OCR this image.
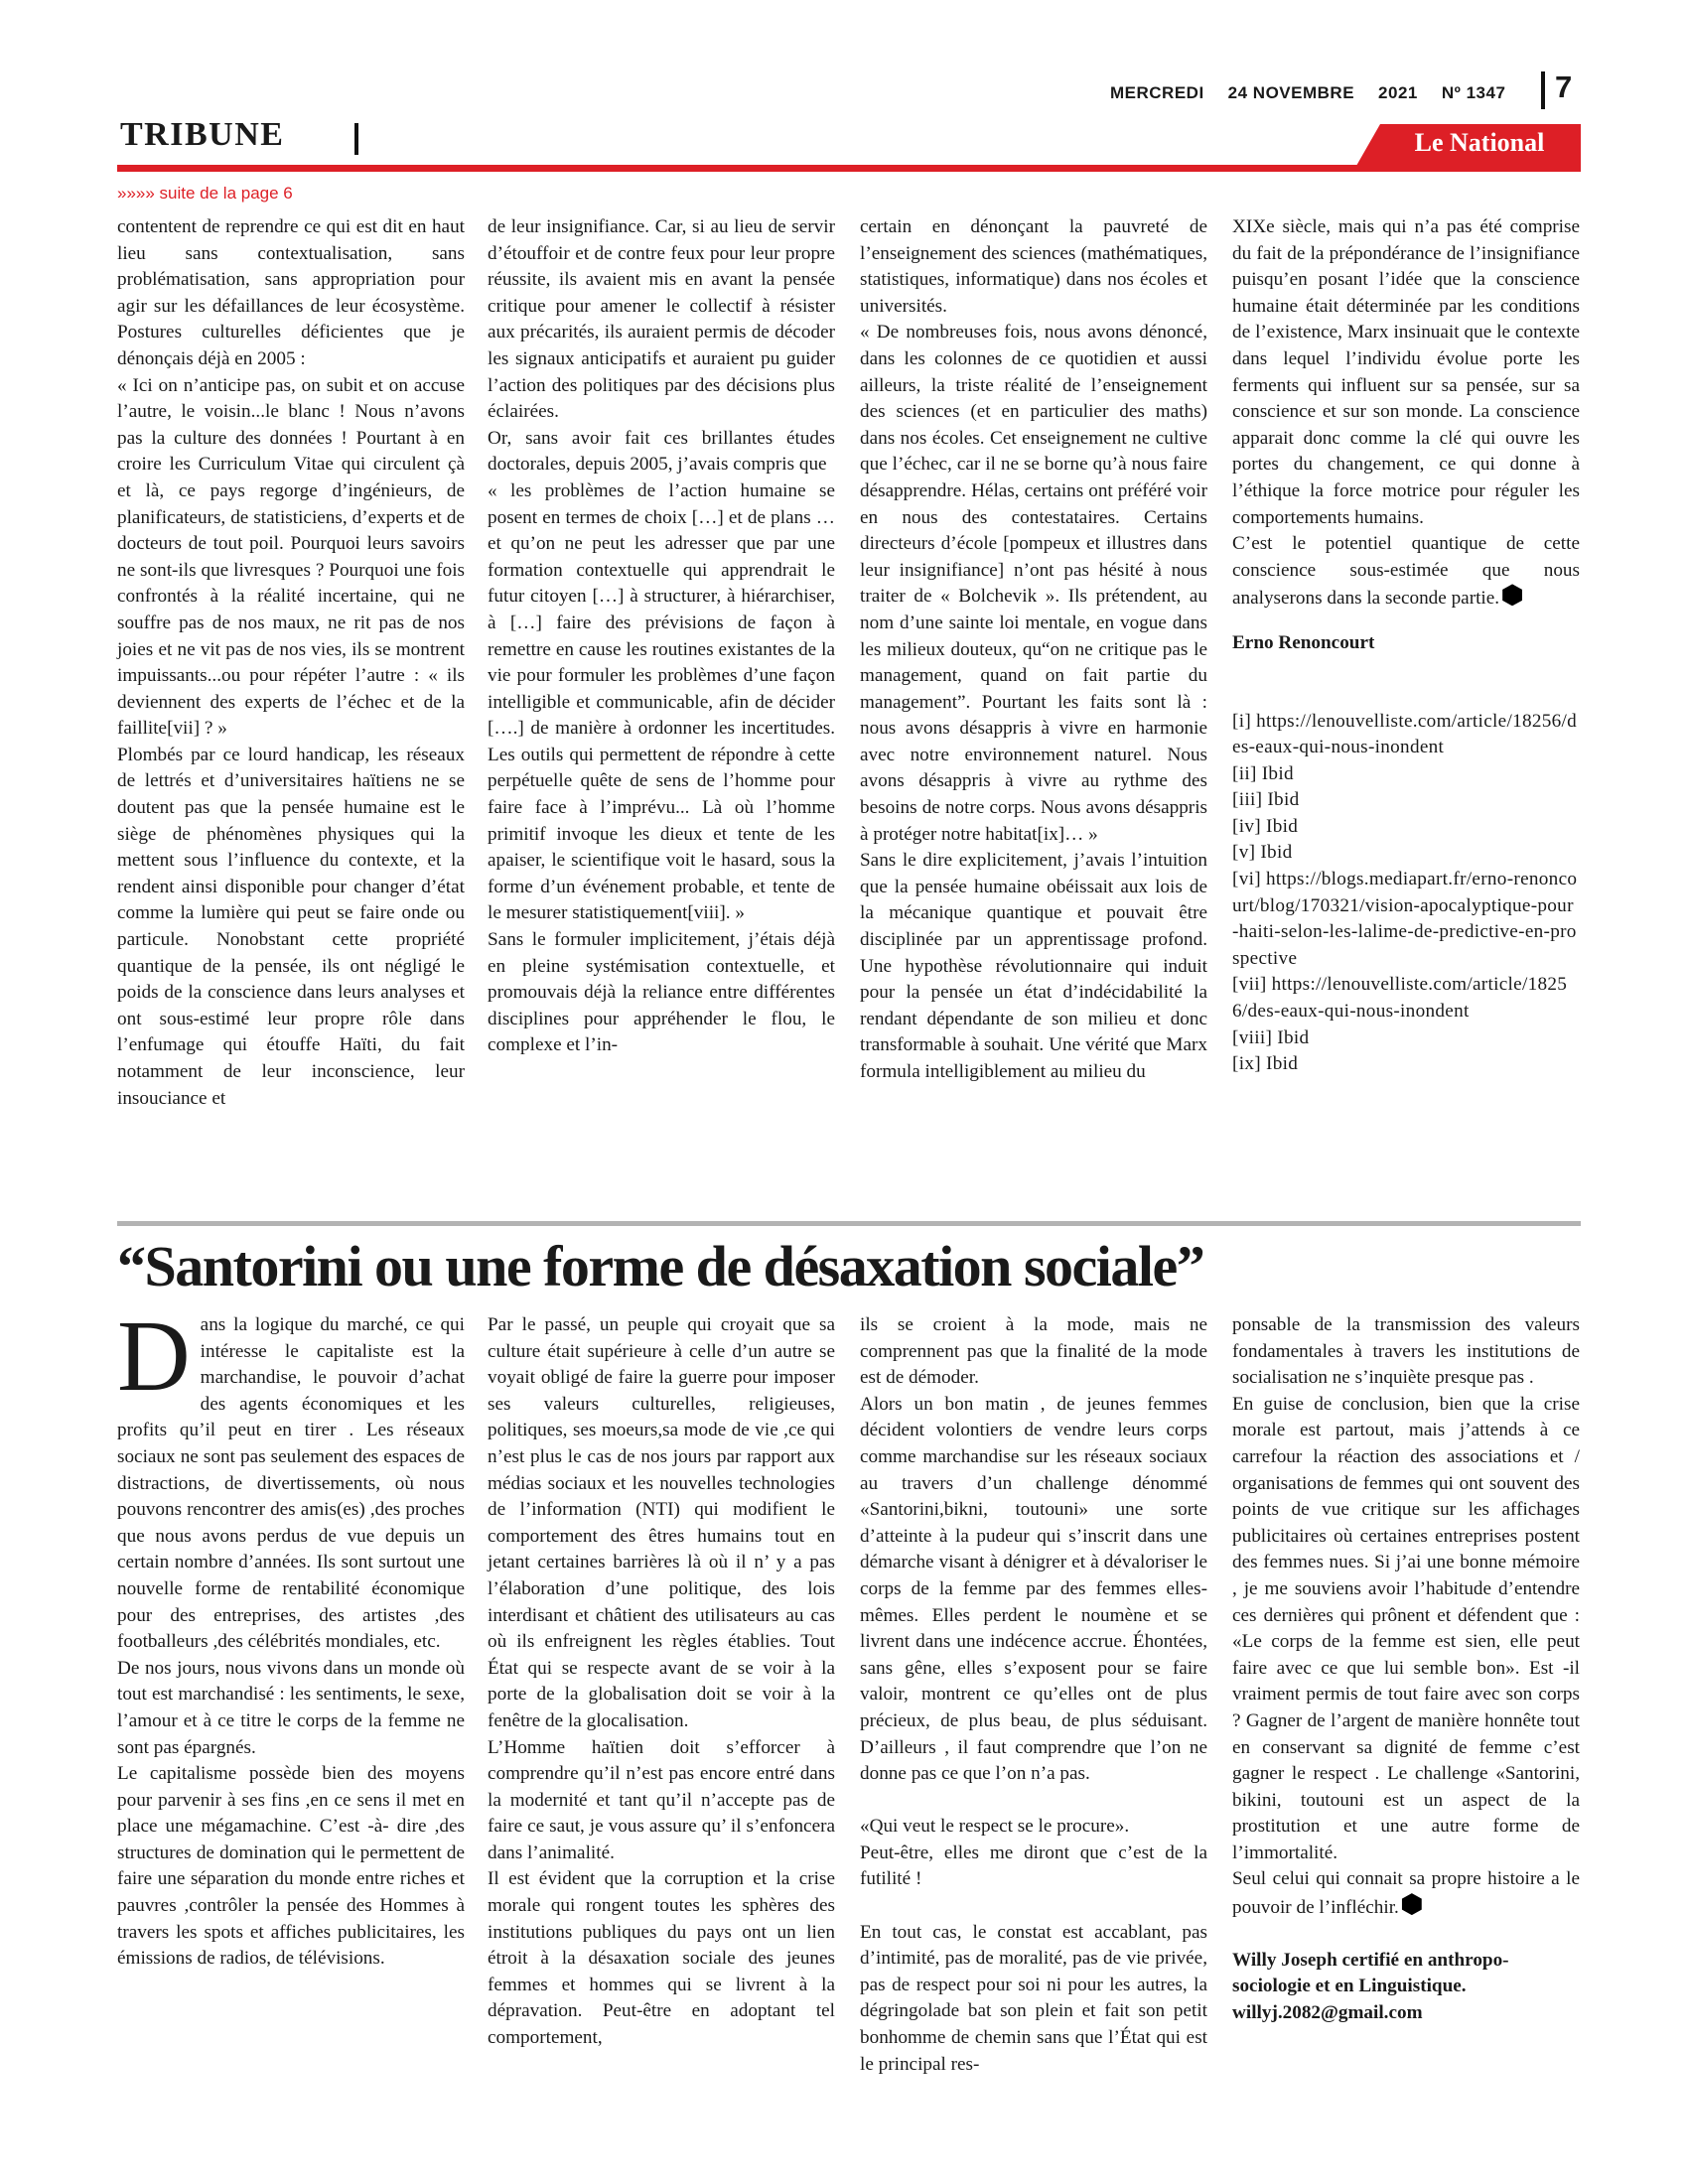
MERCREDI 24 NOVEMBRE 2021 Nº 1347	7
TRIBUNE	Le National
»»»» suite de la page 6

contentent de reprendre ce qui est dit en haut lieu sans contextualisation, sans problématisation, sans appropriation pour agir sur les défaillances de leur écosystème. Postures culturelles déficientes que je dénonçais déjà en 2005 :
« Ici on n’anticipe pas, on subit et on accuse l’autre, le voisin...le blanc ! Nous n’avons pas la culture des données ! Pourtant à en croire les Curriculum Vitae qui circulent çà et là, ce pays regorge d’ingénieurs, de planificateurs, de statisticiens, d’experts et de docteurs de tout poil. Pourquoi leurs savoirs ne sont-ils que livresques ? Pourquoi une fois confrontés à la réalité incertaine, qui ne souffre pas de nos maux, ne rit pas de nos joies et ne vit pas de nos vies, ils se montrent impuissants...ou pour répéter l’autre : « ils deviennent des experts de l’échec et de la faillite[vii] ? »
Plombés par ce lourd handicap, les réseaux de lettrés et d’universitaires haïtiens ne se doutent pas que la pensée humaine est le siège de phénomènes physiques qui la mettent sous l’influence du contexte, et la rendent ainsi disponible pour changer d’état comme la lumière qui peut se faire onde ou particule. Nonobstant cette propriété quantique de la pensée, ils ont négligé le poids de la conscience dans leurs analyses et ont sous-estimé leur propre rôle dans l’enfumage qui étouffe Haïti, du fait notamment de leur inconscience, leur insouciance et

de leur insignifiance. Car, si au lieu de servir d’étouffoir et de contre feux pour leur propre réussite, ils avaient mis en avant la pensée critique pour amener le collectif à résister aux précarités, ils auraient permis de décoder les signaux anticipatifs et auraient pu guider l’action des politiques par des décisions plus éclairées.
Or, sans avoir fait ces brillantes études doctorales, depuis 2005, j’avais compris que
« les problèmes de l’action humaine se posent en termes de choix […] et de plans … et qu’on ne peut les adresser que par une formation contextuelle qui apprendrait le futur citoyen […] à structurer, à hiérarchiser, à […] faire des prévisions de façon à remettre en cause les routines existantes de la vie pour formuler les problèmes d’une façon intelligible et communicable, afin de décider [….] de manière à ordonner les incertitudes. Les outils qui permettent de répondre à cette perpétuelle quête de sens de l’homme pour faire face à l’imprévu... Là où l’homme primitif invoque les dieux et tente de les apaiser, le scientifique voit le hasard, sous la forme d’un événement probable, et tente de le mesurer statistiquement[viii]. »
Sans le formuler implicitement, j’étais déjà en pleine systémisation contextuelle, et promouvais déjà la reliance entre différentes disciplines pour appréhender le flou, le complexe et l’in-

certain en dénonçant la pauvreté de l’enseignement des sciences (mathématiques, statistiques, informatique) dans nos écoles et universités.
« De nombreuses fois, nous avons dénoncé, dans les colonnes de ce quotidien et aussi ailleurs, la triste réalité de l’enseignement des sciences (et en particulier des maths) dans nos écoles. Cet enseignement ne cultive que l’échec, car il ne se borne qu’à nous faire désapprendre. Hélas, certains ont préféré voir en nous des contestataires. Certains directeurs d’école [pompeux et illustres dans leur insignifiance] n’ont pas hésité à nous traiter de « Bolchevik ». Ils prétendent, au nom d’une sainte loi mentale, en vogue dans les milieux douteux, qu“on ne critique pas le management, quand on fait partie du management”. Pourtant les faits sont là : nous avons désappris à vivre en harmonie avec notre environnement naturel. Nous avons désappris à vivre au rythme des besoins de notre corps. Nous avons désappris à protéger notre habitat[ix]… »
Sans le dire explicitement, j’avais l’intuition que la pensée humaine obéissait aux lois de la mécanique quantique et pouvait être disciplinée par un apprentissage profond. Une hypothèse révolutionnaire qui induit pour la pensée un état d’indécidabilité la rendant dépendante de son milieu et donc transformable à souhait. Une vérité que Marx formula intelligiblement au milieu du

XIXe siècle, mais qui n’a pas été comprise du fait de la prépondérance de l’insignifiance puisqu’en posant l’idée que la conscience humaine était déterminée par les conditions de l’existence, Marx insinuait que le contexte dans lequel l’individu évolue porte les ferments qui influent sur sa pensée, sur sa conscience et sur son monde. La conscience apparait donc comme la clé qui ouvre les portes du changement, ce qui donne à l’éthique la force motrice pour réguler les comportements humains.
C’est le potentiel quantique de cette conscience sous-estimée que nous analyserons dans la seconde partie.

Erno Renoncourt

[i] https://lenouvelliste.com/article/18256/des-eaux-qui-nous-inondent
[ii] Ibid
[iii] Ibid
[iv] Ibid
[v] Ibid
[vi] https://blogs.mediapart.fr/erno-renoncourt/blog/170321/vision-apocalyptique-pour-haiti-selon-les-lalime-de-predictive-en-prospective
[vii] https://lenouvelliste.com/article/18256/des-eaux-qui-nous-inondent
[viii] Ibid
[ix] Ibid
“Santorini ou une forme de désaxation sociale”

Dans la logique du marché, ce qui intéresse le capitaliste est la marchandise, le pouvoir d’achat des agents économiques et les profits qu’il peut en tirer . Les réseaux sociaux ne sont pas seulement des espaces de distractions, de divertissements, où nous pouvons rencontrer des amis(es) ,des proches que nous avons perdus de vue depuis un certain nombre d’années. Ils sont surtout une nouvelle forme de rentabilité économique pour des entreprises, des artistes ,des footballeurs ,des célébrités mondiales, etc.
De nos jours, nous vivons dans un monde où tout est marchandisé : les sentiments, le sexe, l’amour et à ce titre le corps de la femme ne sont pas épargnés.
Le capitalisme possède bien des moyens pour parvenir à ses fins ,en ce sens il met en place une mégamachine. C’est -à- dire ,des structures de domination qui le permettent de faire une séparation du monde entre riches et pauvres ,contrôler la pensée des Hommes à travers les spots et affiches publicitaires, les émissions de radios, de télévisions.

Par le passé, un peuple qui croyait que sa culture était supérieure à celle d’un autre se voyait obligé de faire la guerre pour imposer ses valeurs culturelles, religieuses, politiques, ses moeurs,sa mode de vie ,ce qui n’est plus le cas de nos jours par rapport aux médias sociaux et les nouvelles technologies de l’information (NTI) qui modifient le comportement des êtres humains tout en jetant certaines barrières là où il n’ y a pas l’élaboration d’une politique, des lois interdisant et châtient des utilisateurs au cas où ils enfreignent les règles établies. Tout État qui se respecte avant de se voir à la porte de la globalisation doit se voir à la fenêtre de la glocalisation.
L’Homme haïtien doit s’efforcer à comprendre qu’il n’est pas encore entré dans la modernité et tant qu’il n’accepte pas de faire ce saut, je vous assure qu’ il s’enfoncera dans l’animalité.
Il est évident que la corruption et la crise morale qui rongent toutes les sphères des institutions publiques du pays ont un lien étroit à la désaxation sociale des jeunes femmes et hommes qui se livrent à la dépravation. Peut-être en adoptant tel comportement,

ils se croient à la mode, mais ne comprennent pas que la finalité de la mode est de démoder.
Alors un bon matin , de jeunes femmes décident volontiers de vendre leurs corps comme marchandise sur les réseaux sociaux au travers d’un challenge dénommé «Santorini,bikni, toutouni» une sorte d’atteinte à la pudeur qui s’inscrit dans une démarche visant à dénigrer et à dévaloriser le corps de la femme par des femmes elles-mêmes. Elles perdent le noumène et se livrent dans une indécence accrue. Éhontées, sans gêne, elles s’exposent pour se faire valoir, montrent ce qu’elles ont de plus précieux, de plus beau, de plus séduisant. D’ailleurs , il faut comprendre que l’on ne donne pas ce que l’on n’a pas.

«Qui veut le respect se le procure».
Peut-être, elles me diront que c’est de la futilité !

En tout cas, le constat est accablant, pas d’intimité, pas de moralité, pas de vie privée, pas de respect pour soi ni pour les autres, la dégringolade bat son plein et fait son petit bonhomme de chemin sans que l’État qui est le principal res-

ponsable de la transmission des valeurs fondamentales à travers les institutions de socialisation ne s’inquiète presque pas .
En guise de conclusion, bien que la crise morale est partout, mais j’attends à ce carrefour la réaction des associations et / organisations de femmes qui ont souvent des points de vue critique sur les affichages publicitaires où certaines entreprises postent des femmes nues. Si j’ai une bonne mémoire , je me souviens avoir l’habitude d’entendre ces dernières qui prônent et défendent que : «Le corps de la femme est sien, elle peut faire avec ce que lui semble bon». Est -il vraiment permis de tout faire avec son corps ? Gagner de l’argent de manière honnête tout en conservant sa dignité de femme c’est gagner le respect . Le challenge «Santorini, bikini, toutouni est un aspect de la prostitution et une autre forme de l’immortalité.
Seul celui qui connait sa propre histoire a le pouvoir de l’infléchir.

Willy Joseph certifié en anthropo-sociologie et en Linguistique.
willyj.2082@gmail.com
